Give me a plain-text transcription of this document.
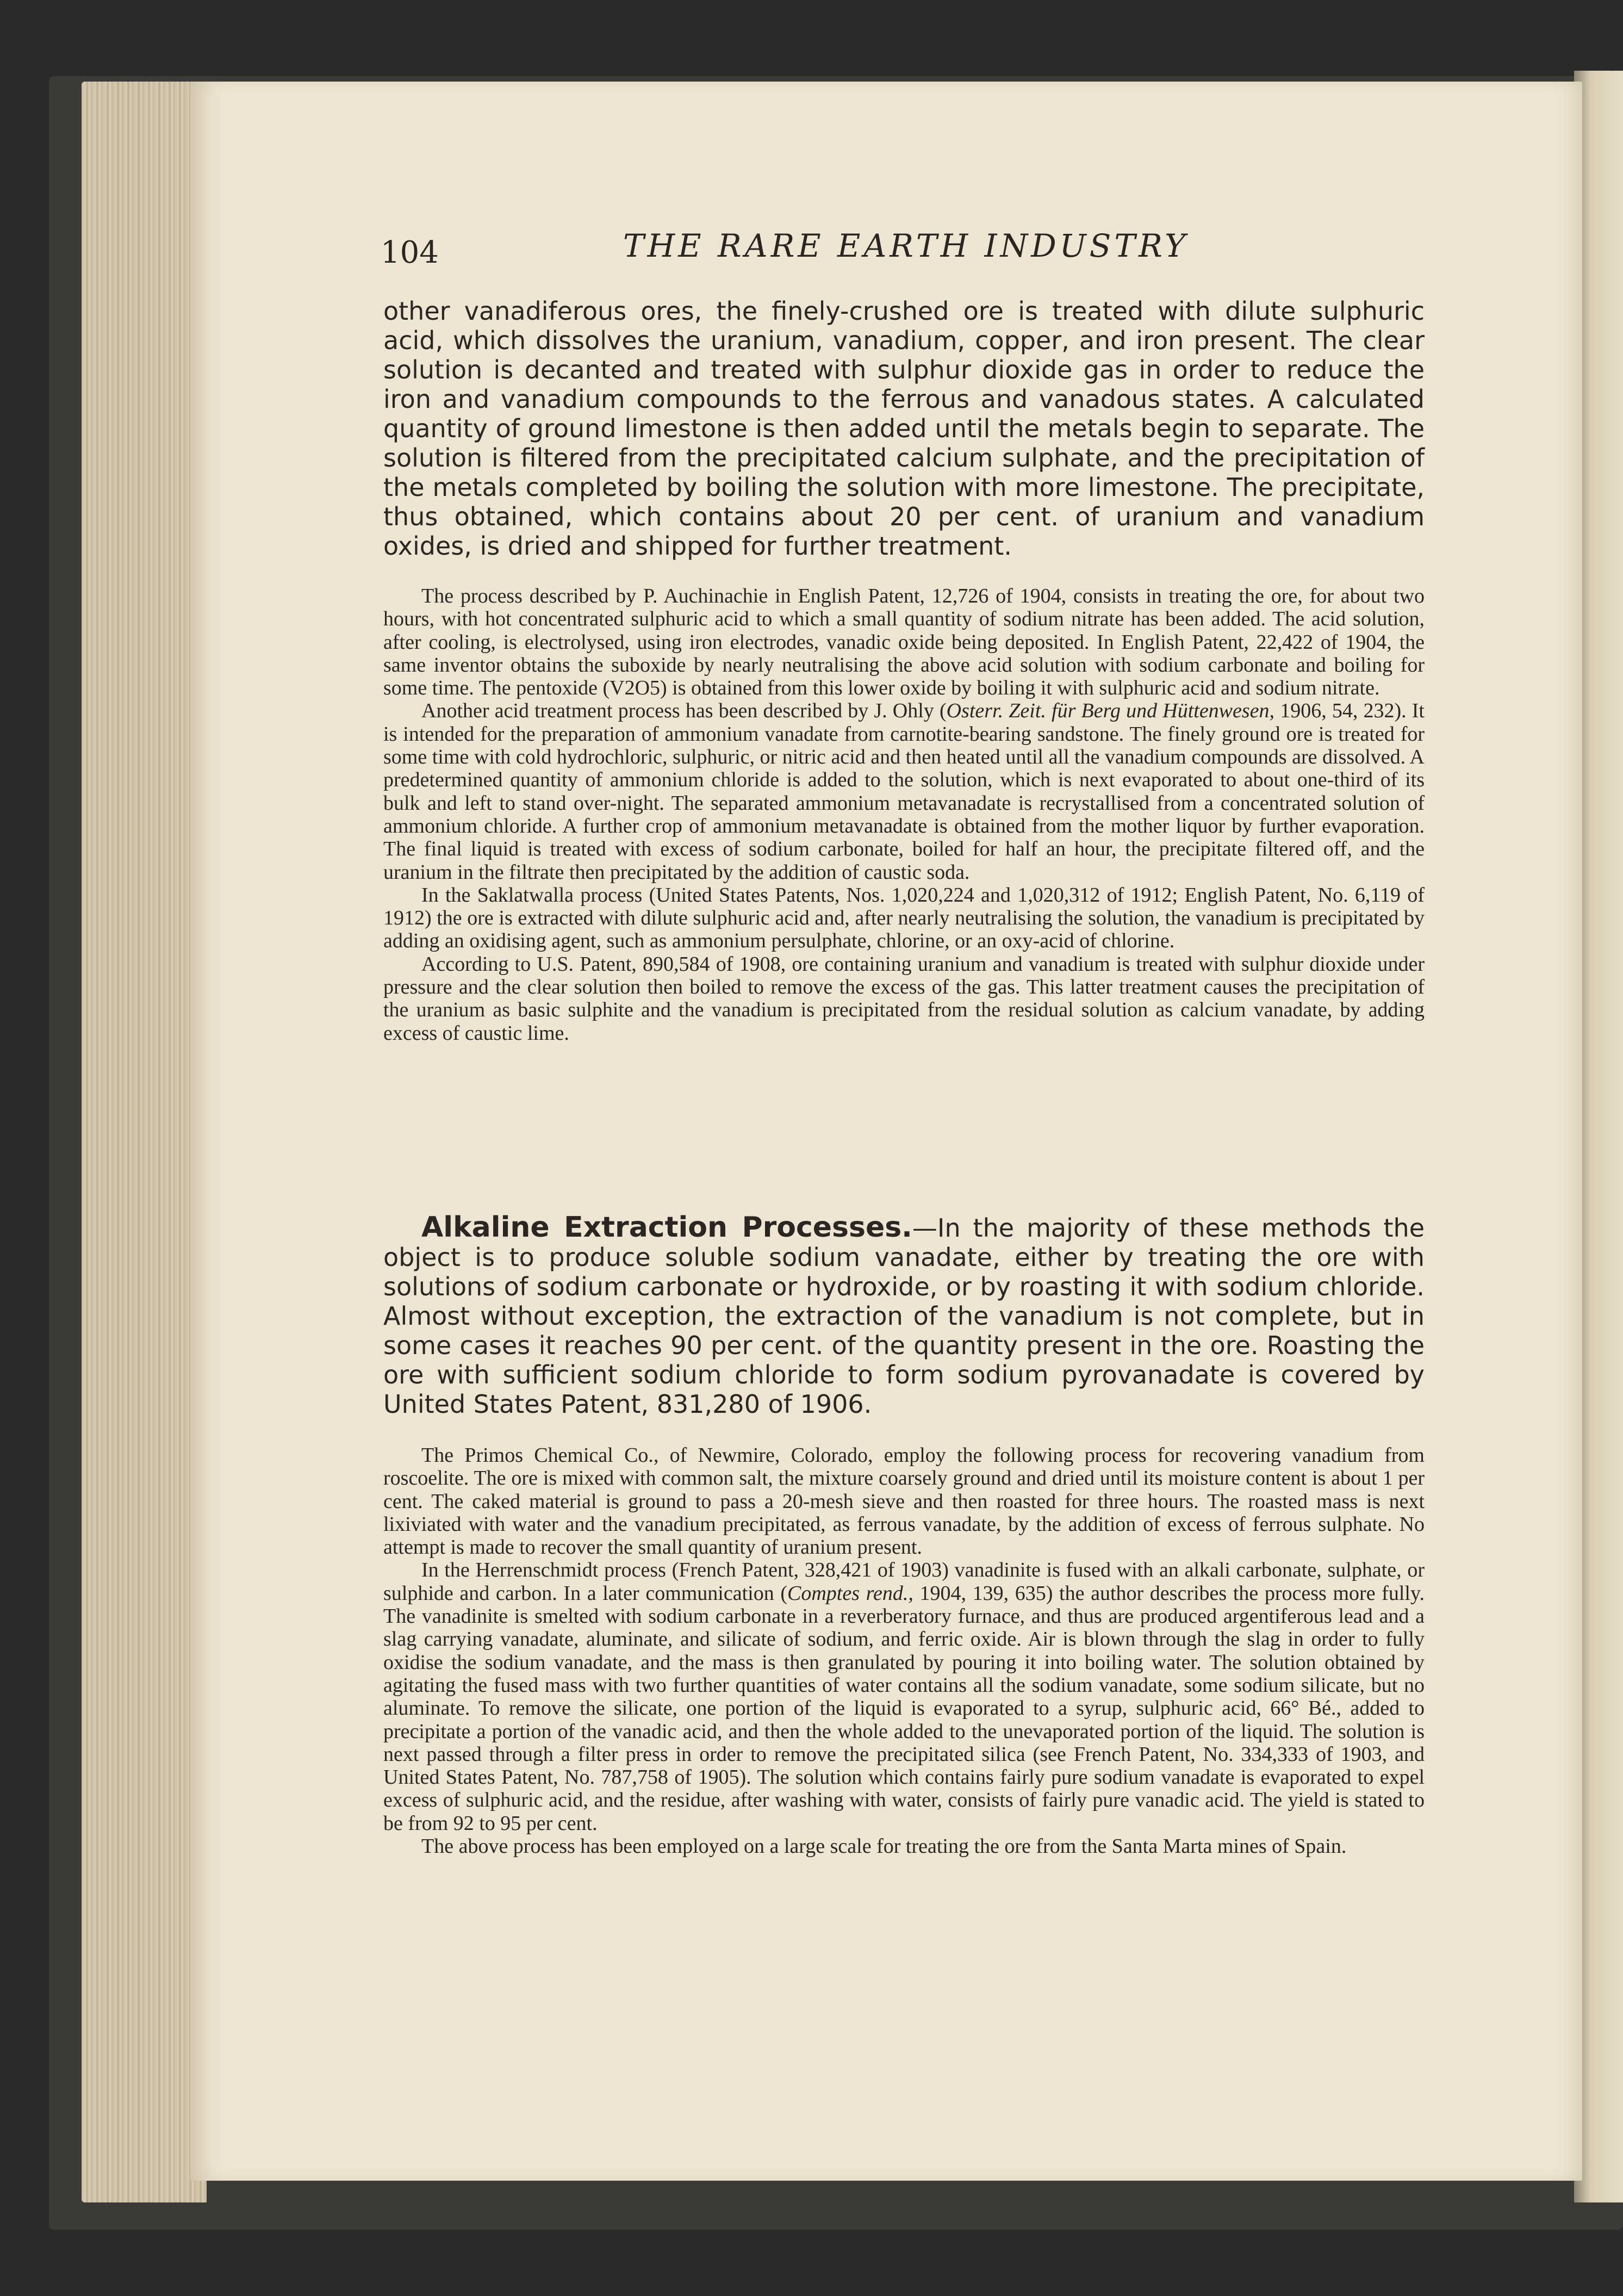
104	THE RARE EARTH INDUSTRY

other vanadiferous ores, the finely-crushed ore is treated with dilute sulphuric acid, which dissolves the uranium, vanadium, copper, and iron present. The clear solution is decanted and treated with sulphur dioxide gas in order to reduce the iron and vanadium compounds to the ferrous and vanadous states. A calculated quantity of ground limestone is then added until the metals begin to separate. The solution is filtered from the precipitated calcium sulphate, and the precipitation of the metals completed by boiling the solution with more limestone. The precipitate, thus obtained, which contains about 20 per cent. of uranium and vanadium oxides, is dried and shipped for further treatment.

The process described by P. Auchinachie in English Patent, 12,726 of 1904, consists in treating the ore, for about two hours, with hot concentrated sulphuric acid to which a small quantity of sodium nitrate has been added. The acid solution, after cooling, is electrolysed, using iron electrodes, vanadic oxide being deposited. In English Patent, 22,422 of 1904, the same inventor obtains the suboxide by nearly neutralising the above acid solution with sodium carbonate and boiling for some time. The pentoxide (V2O5) is obtained from this lower oxide by boiling it with sulphuric acid and sodium nitrate.

Another acid treatment process has been described by J. Ohly (Osterr. Zeit. für Berg und Hüttenwesen, 1906, 54, 232). It is intended for the preparation of ammonium vanadate from carnotite-bearing sandstone. The finely ground ore is treated for some time with cold hydrochloric, sulphuric, or nitric acid and then heated until all the vanadium compounds are dissolved. A predetermined quantity of ammonium chloride is added to the solution, which is next evaporated to about one-third of its bulk and left to stand over-night. The separated ammonium metavanadate is recrystallised from a concentrated solution of ammonium chloride. A further crop of ammonium metavanadate is obtained from the mother liquor by further evaporation. The final liquid is treated with excess of sodium carbonate, boiled for half an hour, the precipitate filtered off, and the uranium in the filtrate then precipitated by the addition of caustic soda.

In the Saklatwalla process (United States Patents, Nos. 1,020,224 and 1,020,312 of 1912; English Patent, No. 6,119 of 1912) the ore is extracted with dilute sulphuric acid and, after nearly neutralising the solution, the vanadium is precipitated by adding an oxidising agent, such as ammonium persulphate, chlorine, or an oxy-acid of chlorine.

According to U.S. Patent, 890,584 of 1908, ore containing uranium and vanadium is treated with sulphur dioxide under pressure and the clear solution then boiled to remove the excess of the gas. This latter treatment causes the precipitation of the uranium as basic sulphite and the vanadium is precipitated from the residual solution as calcium vanadate, by adding excess of caustic lime.

Alkaline Extraction Processes.—In the majority of these methods the object is to produce soluble sodium vanadate, either by treating the ore with solutions of sodium carbonate or hydroxide, or by roasting it with sodium chloride. Almost without exception, the extraction of the vanadium is not complete, but in some cases it reaches 90 per cent. of the quantity present in the ore. Roasting the ore with sufficient sodium chloride to form sodium pyrovanadate is covered by United States Patent, 831,280 of 1906.

The Primos Chemical Co., of Newmire, Colorado, employ the following process for recovering vanadium from roscoelite. The ore is mixed with common salt, the mixture coarsely ground and dried until its moisture content is about 1 per cent. The caked material is ground to pass a 20-mesh sieve and then roasted for three hours. The roasted mass is next lixiviated with water and the vanadium precipitated, as ferrous vanadate, by the addition of excess of ferrous sulphate. No attempt is made to recover the small quantity of uranium present.

In the Herrenschmidt process (French Patent, 328,421 of 1903) vanadinite is fused with an alkali carbonate, sulphate, or sulphide and carbon. In a later communication (Comptes rend., 1904, 139, 635) the author describes the process more fully. The vanadinite is smelted with sodium carbonate in a reverberatory furnace, and thus are produced argentiferous lead and a slag carrying vanadate, aluminate, and silicate of sodium, and ferric oxide. Air is blown through the slag in order to fully oxidise the sodium vanadate, and the mass is then granulated by pouring it into boiling water. The solution obtained by agitating the fused mass with two further quantities of water contains all the sodium vanadate, some sodium silicate, but no aluminate. To remove the silicate, one portion of the liquid is evaporated to a syrup, sulphuric acid, 66° Bé., added to precipitate a portion of the vanadic acid, and then the whole added to the unevaporated portion of the liquid. The solution is next passed through a filter press in order to remove the precipitated silica (see French Patent, No. 334,333 of 1903, and United States Patent, No. 787,758 of 1905). The solution which contains fairly pure sodium vanadate is evaporated to expel excess of sulphuric acid, and the residue, after washing with water, consists of fairly pure vanadic acid. The yield is stated to be from 92 to 95 per cent.

The above process has been employed on a large scale for treating the ore from the Santa Marta mines of Spain.
